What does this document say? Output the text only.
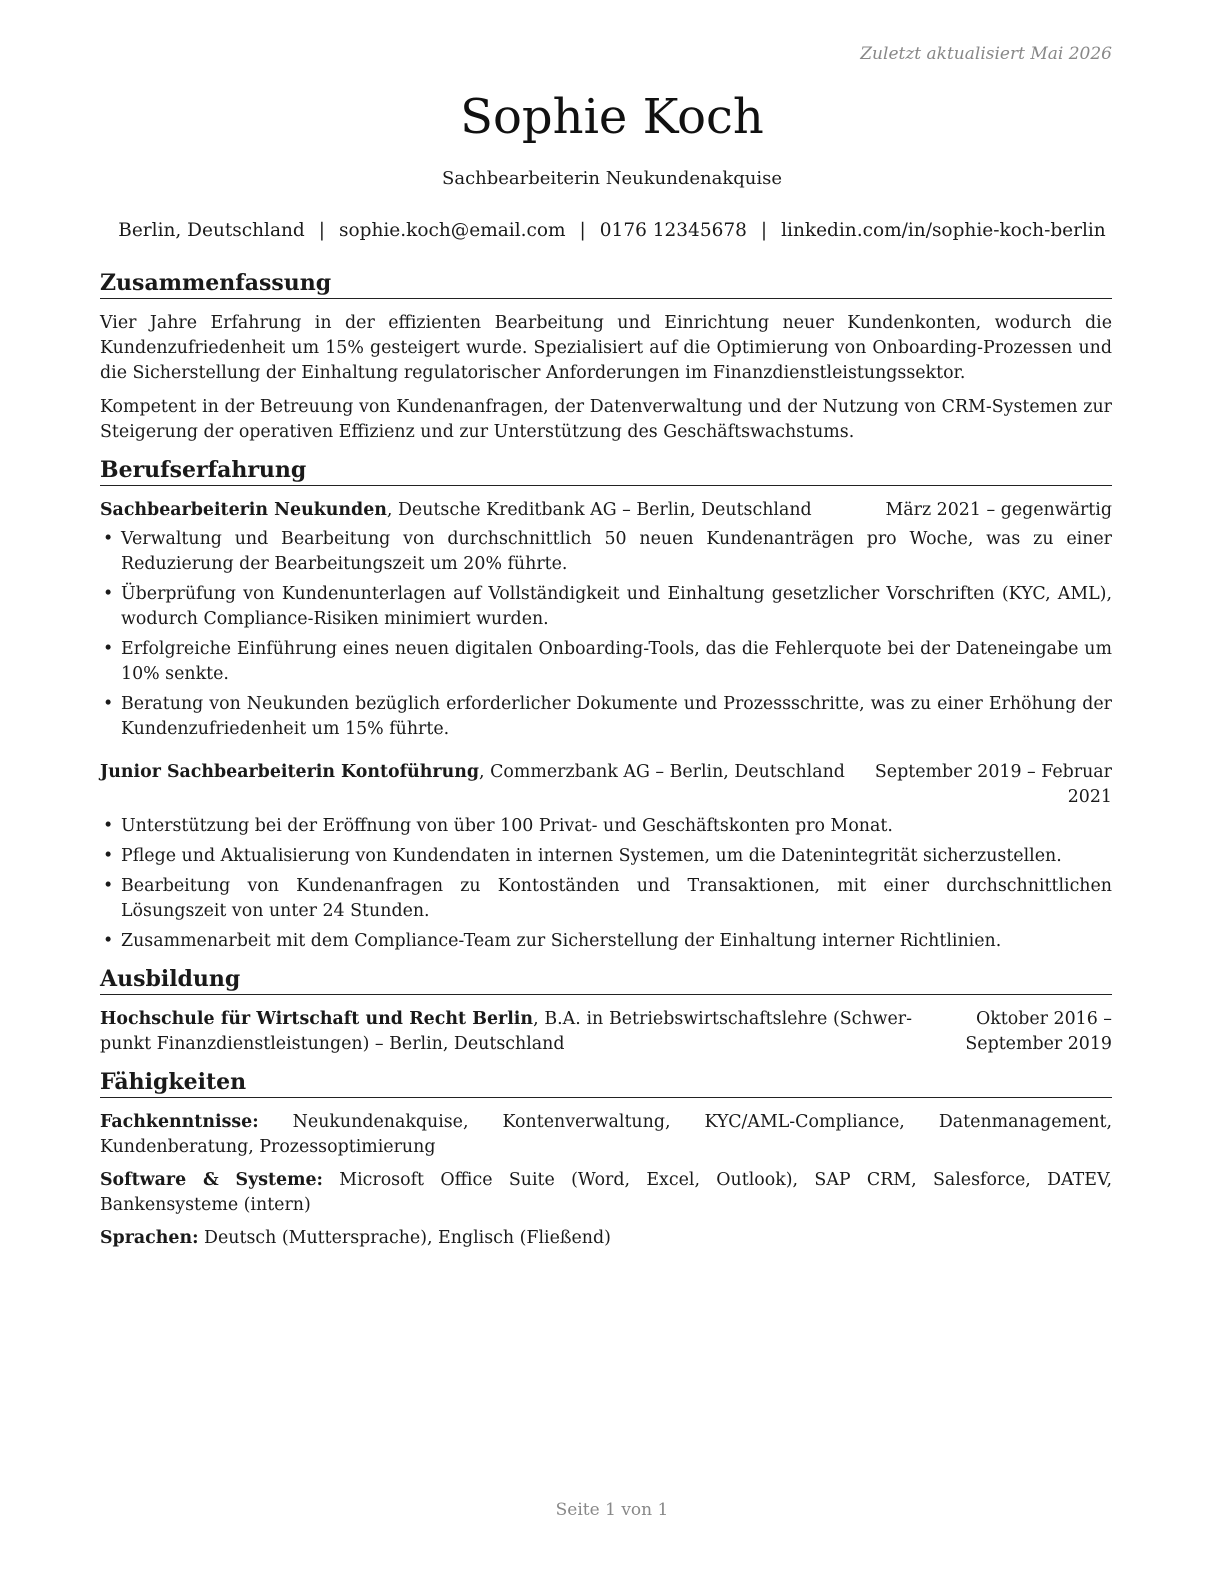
Zuletzt aktualisiert Mai 2026
Sophie Koch
Sachbearbeiterin Neukundenakquise
Berlin, Deutschland | sophie.koch@email.com | 0176 12345678 | linkedin.com/in/sophie-koch-berlin
Zusammenfassung

Vier Jahre Erfahrung in der effizienten Bearbeitung und Einrichtung neuer Kundenkonten, wodurch die Kundenzufriedenheit um 15% gesteigert wurde. Spezialisiert auf die Optimierung von Onboarding-Prozessen und die Sicherstellung der Einhaltung regulatorischer Anforderungen im Finanzdienstleistungssektor.

Kompetent in der Betreuung von Kundenanfragen, der Datenverwaltung und der Nutzung von CRM-Systemen zur Steigerung der operativen Effizienz und zur Unterstützung des Geschäftswachstums.

Berufserfahrung
Sachbearbeiterin Neukunden, Deutsche Kreditbank AG – Berlin, Deutschland	März 2021 – gegenwärtig
• Verwaltung und Bearbeitung von durchschnittlich 50 neuen Kundenanträgen pro Woche, was zu einer Reduzierung der Bearbeitungszeit um 20% führte.
• Überprüfung von Kundenunterlagen auf Vollständigkeit und Einhaltung gesetzlicher Vorschriften (KYC, AML), wodurch Compliance-Risiken minimiert wurden.
• Erfolgreiche Einführung eines neuen digitalen Onboarding-Tools, das die Fehlerquote bei der Dateneingabe um 10% senkte.
• Beratung von Neukunden bezüglich erforderlicher Dokumente und Prozessschritte, was zu einer Erhöhung der Kundenzufriedenheit um 15% führte.
Junior Sachbearbeiterin Kontoführung, Commerzbank AG – Berlin, Deutschland	September 2019 – Februar 2021
• Unterstützung bei der Eröffnung von über 100 Privat- und Geschäftskonten pro Monat.
• Pflege und Aktualisierung von Kundendaten in internen Systemen, um die Datenintegrität sicherzustellen.
• Bearbeitung von Kundenanfragen zu Kontoständen und Transaktionen, mit einer durchschnittlichen Lösungszeit von unter 24 Stunden.
• Zusammenarbeit mit dem Compliance-Team zur Sicherstellung der Einhaltung interner Richtlinien.
Ausbildung
Hochschule für Wirtschaft und Recht Berlin, B.A. in Betriebswirtschaftslehre (Schwerpunkt Finanzdienstleistungen) – Berlin, Deutschland
Oktober 2016 – September 2019
Fähigkeiten
Fachkenntnisse: Neukundenakquise, Kontenverwaltung, KYC/AML-Compliance, Datenmanagement, Kundenberatung, Prozessoptimierung
Software & Systeme: Microsoft Office Suite (Word, Excel, Outlook), SAP CRM, Salesforce, DATEV, Bankensysteme (intern)
Sprachen: Deutsch (Muttersprache), Englisch (Fließend)
Seite 1 von 1
